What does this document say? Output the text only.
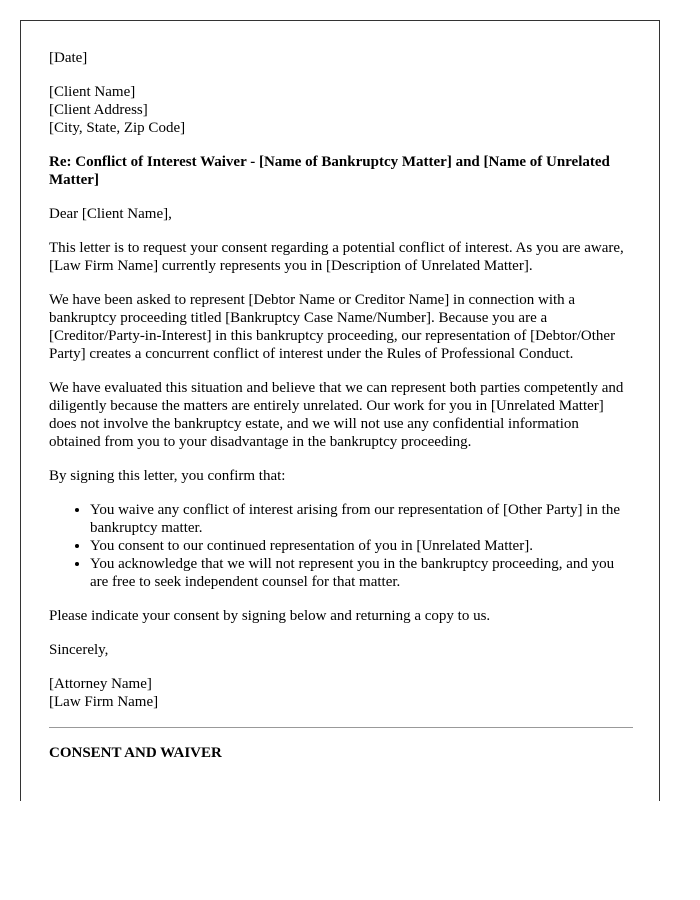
[Date]

[Client Name]
[Client Address]
[City, State, Zip Code]

Re: Conflict of Interest Waiver - [Name of Bankruptcy Matter] and [Name of Unrelated Matter]

Dear [Client Name],

This letter is to request your consent regarding a potential conflict of interest. As you are aware, [Law Firm Name] currently represents you in [Description of Unrelated Matter].

We have been asked to represent [Debtor Name or Creditor Name] in connection with a bankruptcy proceeding titled [Bankruptcy Case Name/Number]. Because you are a [Creditor/Party-in-Interest] in this bankruptcy proceeding, our representation of [Debtor/Other Party] creates a concurrent conflict of interest under the Rules of Professional Conduct.

We have evaluated this situation and believe that we can represent both parties competently and diligently because the matters are entirely unrelated. Our work for you in [Unrelated Matter] does not involve the bankruptcy estate, and we will not use any confidential information obtained from you to your disadvantage in the bankruptcy proceeding.

By signing this letter, you confirm that:

• You waive any conflict of interest arising from our representation of [Other Party] in the bankruptcy matter.
• You consent to our continued representation of you in [Unrelated Matter].
• You acknowledge that we will not represent you in the bankruptcy proceeding, and you are free to seek independent counsel for that matter.

Please indicate your consent by signing below and returning a copy to us.

Sincerely,

[Attorney Name]
[Law Firm Name]

CONSENT AND WAIVER
